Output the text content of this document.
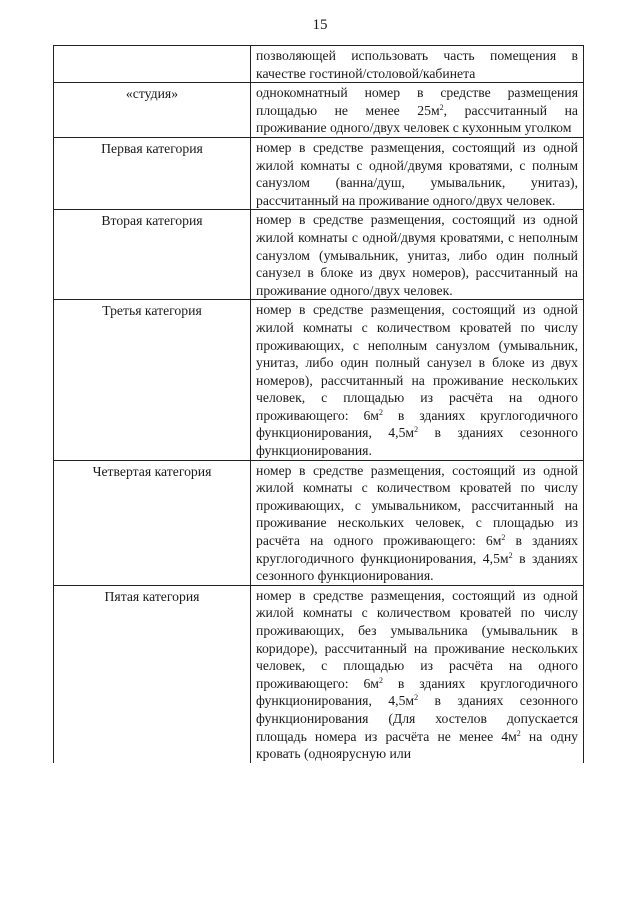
15
	позволяющей использовать часть помещения в качестве гостиной/столовой/кабинета
«студия»	однокомнатный номер в средстве размещения площадью не менее $25м^2$, рассчитанный на проживание одного/двух человек с кухонным уголком
Первая категория	номер в средстве размещения, состоящий из одной жилой комнаты с одной/двумя кроватями, с полным санузлом (ванна/душ, умывальник, унитаз), рассчитанный на проживание одного/двух человек.
Вторая категория	номер в средстве размещения, состоящий из одной жилой комнаты с одной/двумя кроватями, с неполным санузлом (умывальник, унитаз, либо один полный санузел в блоке из двух номеров), рассчитанный на проживание одного/двух человек.
Третья категория	номер в средстве размещения, состоящий из одной жилой комнаты с количеством кроватей по числу проживающих, с неполным санузлом (умывальник, унитаз, либо один полный санузел в блоке из двух номеров), рассчитанный на проживание нескольких человек, с площадью из расчёта на одного проживающего: $6м^2$ в зданиях круглогодичного функционирования, $4,5м^2$ в зданиях сезонного функционирования.
Четвертая категория	номер в средстве размещения, состоящий из одной жилой комнаты с количеством кроватей по числу проживающих, с умывальником, рассчитанный на проживание нескольких человек, с площадью из расчёта на одного проживающего: $6м^2$ в зданиях круглогодичного функционирования, $4,5м^2$ в зданиях сезонного функционирования.
Пятая категория	номер в средстве размещения, состоящий из одной жилой комнаты с количеством кроватей по числу проживающих, без умывальника (умывальник в коридоре), рассчитанный на проживание нескольких человек, с площадью из расчёта на одного проживающего: $6м^2$ в зданиях круглогодичного функционирования, $4,5м^2$ в зданиях сезонного функционирования (Для хостелов допускается площадь номера из расчёта не менее $4м^2$ на одну кровать (одноярусную или
